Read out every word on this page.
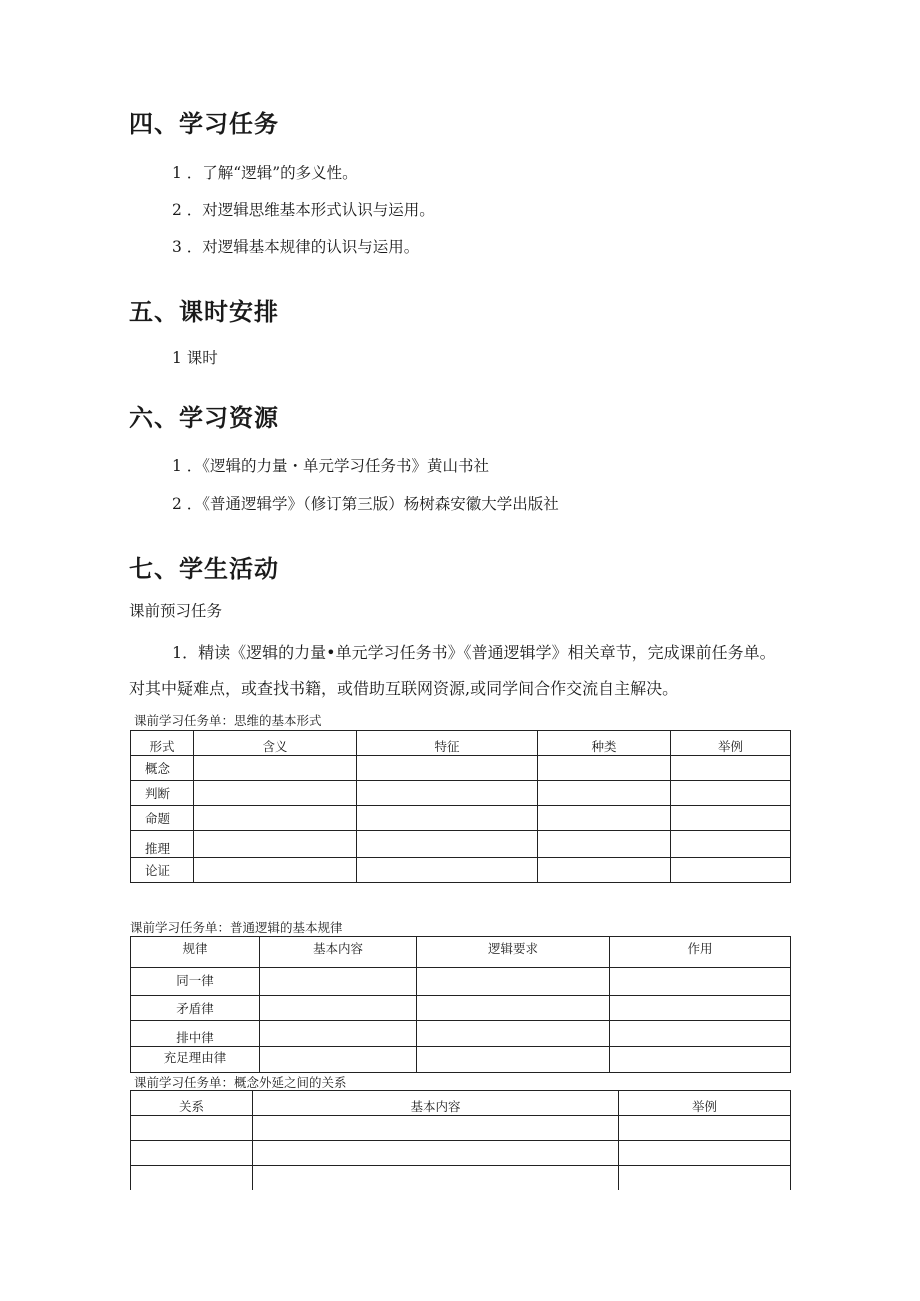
四、学习任务
1 ．了解“逻辑”的多义性。
2 ．对逻辑思维基本形式认识与运用。
3 ．对逻辑基本规律的认识与运用。
五、课时安排
1 课时
六、学习资源
1 ．《逻辑的力量・单元学习任务书》黄山书社
2 ．《普通逻辑学》（修订第三版）杨树森安徽大学出版社
七、学生活动
课前预习任务
1．精读《逻辑的力量•单元学习任务书》《普通逻辑学》相关章节，完成课前任务单。
对其中疑难点，或查找书籍，或借助互联网资源,或同学间合作交流自主解决。
课前学习任务单：思维的基本形式
形式	含义	特征	种类	举例
概念				
判断				
命题				
推理				
论证				
课前学习任务单：普通逻辑的基本规律
规律	基本内容	逻辑要求	作用
同一律			
矛盾律			
排中律			
充足理由律			
课前学习任务单：概念外延之间的关系
关系	基本内容	举例
